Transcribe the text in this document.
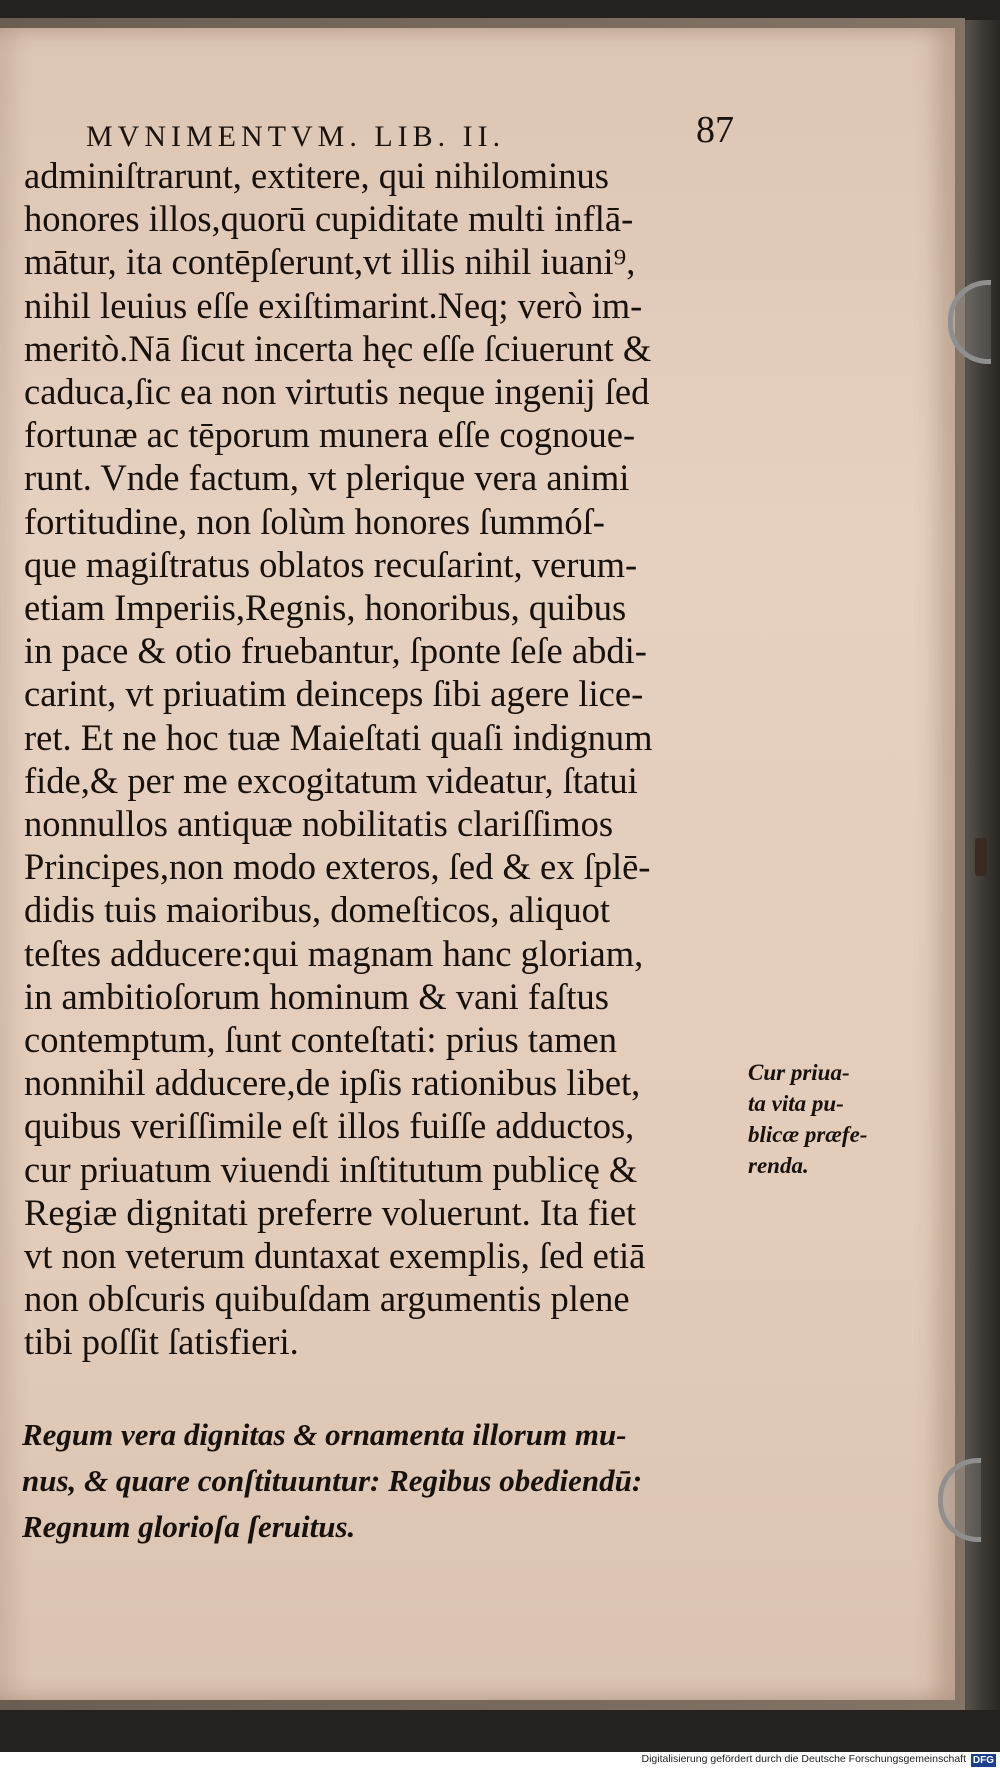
MVNIMENTVM. LIB. II.	87
adminiſtrarunt, extitere, qui nihilominus
honores illos,quorū cupiditate multi inflā-
mātur, ita contēpſerunt,vt illis nihil iuani⁹,
nihil leuius eſſe exiſtimarint.Neq; verò im-
meritò.Nā ſicut incerta hęc eſſe ſciuerunt &
caduca,ſic ea non virtutis neque ingenij ſed
fortunæ ac tēporum munera eſſe cognoue-
runt. Vnde factum, vt plerique vera animi
fortitudine, non ſolùm honores ſummóſ-
que magiſtratus oblatos recuſarint, verum-
etiam Imperiis,Regnis, honoribus, quibus
in pace & otio fruebantur, ſponte ſeſe abdi-
carint, vt priuatim deinceps ſibi agere lice-
ret. Et ne hoc tuæ Maieſtati quaſi indignum
fide,& per me excogitatum videatur, ſtatui
nonnullos antiquæ nobilitatis clariſſimos
Principes,non modo exteros, ſed & ex ſplē-
didis tuis maioribus, domeſticos, aliquot
teſtes adducere:qui magnam hanc gloriam,
in ambitioſorum hominum & vani faſtus
contemptum, ſunt conteſtati: prius tamen
nonnihil adducere,de ipſis rationibus libet,
quibus veriſſimile eſt illos fuiſſe adductos,
cur priuatum viuendi inſtitutum publicę &
Regiæ dignitati preferre voluerunt. Ita fiet
vt non veterum duntaxat exemplis, ſed etiā
non obſcuris quibuſdam argumentis plene
tibi poſſit ſatisfieri.
Cur priua-
ta vita pu-
blicæ præfe-
renda.
Regum vera dignitas & ornamenta illorum mu-
nus, & quare conſtituuntur: Regibus obediendū:
Regnum glorioſa ſeruitus.
Digitalisierung gefördert durch die Deutsche Forschungsgemeinschaft DFG
